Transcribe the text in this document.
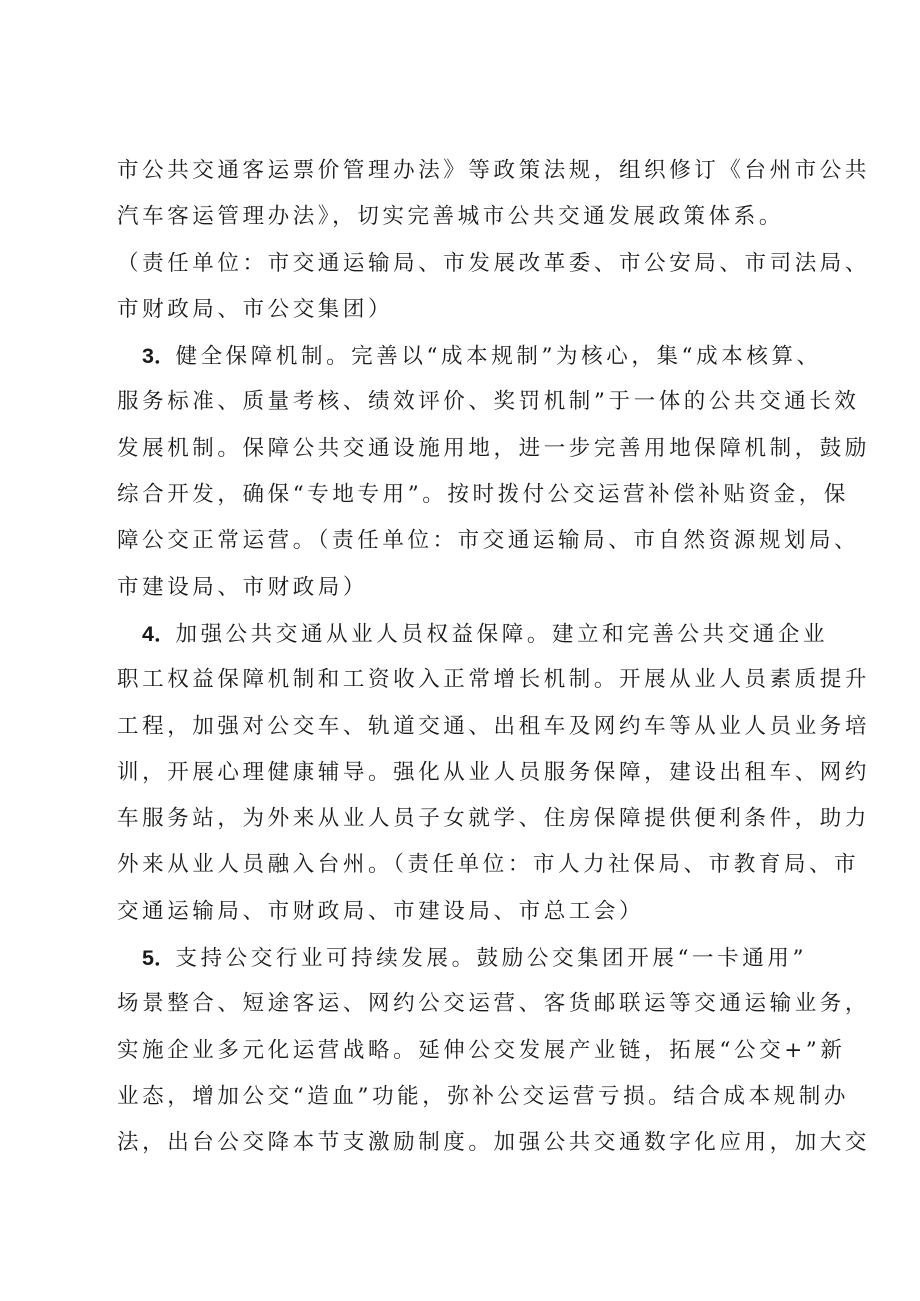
市公共交通客运票价管理办法》等政策法规，组织修订《台州市公共
汽车客运管理办法》，切实完善城市公共交通发展政策体系。
（责任单位：市交通运输局、市发展改革委、市公安局、市司法局、
市财政局、市公交集团）
3．健全保障机制。完善以“成本规制”为核心，集“成本核算、
服务标准、质量考核、绩效评价、奖罚机制”于一体的公共交通长效
发展机制。保障公共交通设施用地，进一步完善用地保障机制，鼓励
综合开发，确保“专地专用”。按时拨付公交运营补偿补贴资金，保
障公交正常运营。（责任单位：市交通运输局、市自然资源规划局、
市建设局、市财政局）
4．加强公共交通从业人员权益保障。建立和完善公共交通企业
职工权益保障机制和工资收入正常增长机制。开展从业人员素质提升
工程，加强对公交车、轨道交通、出租车及网约车等从业人员业务培
训，开展心理健康辅导。强化从业人员服务保障，建设出租车、网约
车服务站，为外来从业人员子女就学、住房保障提供便利条件，助力
外来从业人员融入台州。（责任单位：市人力社保局、市教育局、市
交通运输局、市财政局、市建设局、市总工会）
5．支持公交行业可持续发展。鼓励公交集团开展“一卡通用”
场景整合、短途客运、网约公交运营、客货邮联运等交通运输业务，
实施企业多元化运营战略。延伸公交发展产业链，拓展“公交+”新
业态，增加公交“造血”功能，弥补公交运营亏损。结合成本规制办
法，出台公交降本节支激励制度。加强公共交通数字化应用，加大交
